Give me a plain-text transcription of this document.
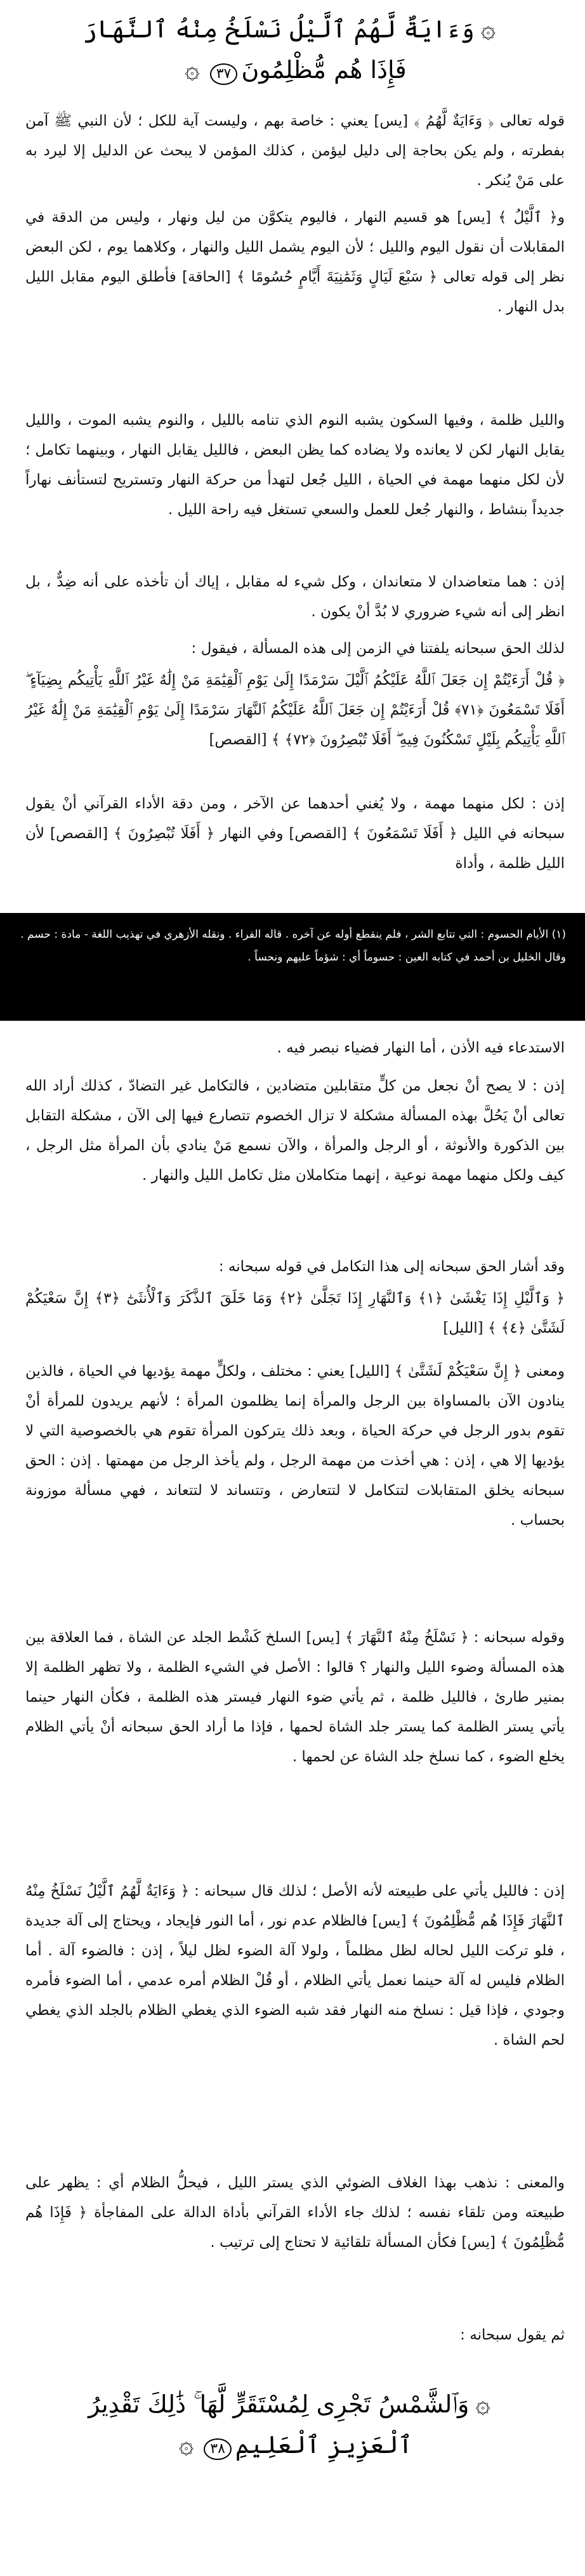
۞وَءَايَةٌ لَّهُمُ ٱلَّيْلُ نَسْلَخُ مِنْهُ ٱلنَّهَارَ
فَإِذَا هُم مُّظْلِمُونَ٣٧۞

قوله تعالى ﴿ وَءَايَةٌ لَّهُمُ ﴾ [يس] يعني : خاصة بهم ، وليست آية للكل ؛ لأن النبي ﷺ آمن بفطرته ، ولم يكن بحاجة إلى دليل ليؤمن ، كذلك المؤمن لا يبحث عن الدليل إلا ليرد به على مَنْ يُنكر .

و﴿ ٱلَّيْلُ ﴾ [يس] هو قسيم النهار ، فاليوم يتكوَّن من ليل ونهار ، وليس من الدقة في المقابلات أن نقول اليوم والليل ؛ لأن اليوم يشمل الليل والنهار ، وكلاهما يوم ، لكن البعض نظر إلى قوله تعالى ﴿ سَبْعَ لَيَالٍ وَثَمَٰنِيَةَ أَيَّامٍ حُسُومًا ﴾ [الحاقة] فأطلق اليوم مقابل الليل بدل النهار .

والليل ظلمة ، وفيها السكون يشبه النوم الذي تنامه بالليل ، والنوم يشبه الموت ، والليل يقابل النهار لكن لا يعانده ولا يضاده كما يظن البعض ، فالليل يقابل النهار ، وبينهما تكامل ؛ لأن لكل منهما مهمة في الحياة ، الليل جُعل لتهدأ من حركة النهار وتستريح لتستأنف نهاراً جديداً بنشاط ، والنهار جُعل للعمل والسعي تستغل فيه راحة الليل .

(١) الأيام الحسوم : التي تتابع الشر ، فلم ينقطع أوله عن آخره . قاله الفراء . ونقله الأزهري في تهذيب اللغة - مادة : حسم . وقال الخليل بن أحمد في كتابه العين : حسوماً أي : شؤماً عليهم ونحساً .

إذن : هما متعاضدان لا متعاندان ، وكل شيء له مقابل ، إياك أن تأخذه على أنه ضِدٌّ ، بل انظر إلى أنه شيء ضروري لا بُدَّ أنْ يكون .

لذلك الحق سبحانه يلفتنا في الزمن إلى هذه المسألة ، فيقول :

﴿ قُلْ أَرَءَيْتُمْ إِن جَعَلَ ٱللَّهُ عَلَيْكُمُ ٱلَّيْلَ سَرْمَدًا إِلَىٰ يَوْمِ ٱلْقِيَٰمَةِ مَنْ إِلَٰهٌ غَيْرُ ٱللَّهِ يَأْتِيكُم بِضِيَآءٍ ۖ أَفَلَا تَسْمَعُونَ ﴿٧١﴾ قُلْ أَرَءَيْتُمْ إِن جَعَلَ ٱللَّهُ عَلَيْكُمُ ٱلنَّهَارَ سَرْمَدًا إِلَىٰ يَوْمِ ٱلْقِيَٰمَةِ مَنْ إِلَٰهٌ غَيْرُ ٱللَّهِ يَأْتِيكُم بِلَيْلٍ تَسْكُنُونَ فِيهِ ۖ أَفَلَا تُبْصِرُونَ ﴿٧٢﴾ ﴾ [القصص]

إذن : لكل منهما مهمة ، ولا يُغني أحدهما عن الآخر ، ومن دقة الأداء القرآني أنْ يقول سبحانه في الليل ﴿ أَفَلَا تَسْمَعُونَ ﴾ [القصص] وفي النهار ﴿ أَفَلَا تُبْصِرُونَ ﴾ [القصص] لأن الليل ظلمة ، وأداة

الاستدعاء فيه الأذن ، أما النهار فضياء نبصر فيه .

إذن : لا يصح أنْ نجعل من كلٍّ متقابلين متضادين ، فالتكامل غير التضادّ ، كذلك أراد الله تعالى أنْ يَحُلَّ بهذه المسألة مشكلة لا تزال الخصوم تتصارع فيها إلى الآن ، مشكلة التقابل بين الذكورة والأنوثة ، أو الرجل والمرأة ، والآن نسمع مَنْ ينادي بأن المرأة مثل الرجل ، كيف ولكل منهما مهمة نوعية ، إنهما متكاملان مثل تكامل الليل والنهار .

وقد أشار الحق سبحانه إلى هذا التكامل في قوله سبحانه :

﴿ وَٱلَّيْلِ إِذَا يَغْشَىٰ ﴿١﴾ وَٱلنَّهَارِ إِذَا تَجَلَّىٰ ﴿٢﴾ وَمَا خَلَقَ ٱلذَّكَرَ وَٱلْأُنثَىٰٓ ﴿٣﴾ إِنَّ سَعْيَكُمْ لَشَتَّىٰ ﴿٤﴾ ﴾ [الليل]

ومعنى ﴿ إِنَّ سَعْيَكُمْ لَشَتَّىٰ ﴾ [الليل] يعني : مختلف ، ولكلٍّ مهمة يؤديها في الحياة ، فالذين ينادون الآن بالمساواة بين الرجل والمرأة إنما يظلمون المرأة ؛ لأنهم يريدون للمرأة أنْ تقوم بدور الرجل في حركة الحياة ، وبعد ذلك يتركون المرأة تقوم هي بالخصوصية التي لا يؤديها إلا هي ، إذن : هي أخذت من مهمة الرجل ، ولم يأخذ الرجل من مهمتها . إذن : الحق سبحانه يخلق المتقابلات لتتكامل لا لتتعارض ، وتتساند لا لتتعاند ، فهي مسألة موزونة بحساب .

وقوله سبحانه : ﴿ نَسْلَخُ مِنْهُ ٱلنَّهَارَ ﴾ [يس] السلخ كَشْط الجلد عن الشاة ، فما العلاقة بين هذه المسألة وضوء الليل والنهار ؟ قالوا : الأصل في الشيء الظلمة ، ولا تظهر الظلمة إلا بمنير طارئ ، فالليل ظلمة ، ثم يأتي ضوء النهار فيستر هذه الظلمة ، فكأن النهار حينما يأتي يستر الظلمة كما يستر جلد الشاة لحمها ، فإذا ما أراد الحق سبحانه أنْ يأتي الظلام يخلع الضوء ، كما نسلخ جلد الشاة عن لحمها .

إذن : فالليل يأتي على طبيعته لأنه الأصل ؛ لذلك قال سبحانه : ﴿ وَءَايَةٌ لَّهُمُ ٱلَّيْلُ نَسْلَخُ مِنْهُ ٱلنَّهَارَ فَإِذَا هُم مُّظْلِمُونَ ﴾ [يس] فالظلام عدم نور ، أما النور فإيجاد ، ويحتاج إلى آلة جديدة ، فلو تركت الليل لحاله لظل مظلماً ، ولولا آلة الضوء لظل ليلاً ، إذن : فالضوء آلة . أما الظلام فليس له آلة حينما نعمل يأتي الظلام ، أو قُلْ الظلام أمره عدمي ، أما الضوء فأمره وجودي ، فإذا قيل : نسلخ منه النهار فقد شبه الضوء الذي يغطي الظلام بالجلد الذي يغطي لحم الشاة .

والمعنى : نذهب بهذا الغلاف الضوئي الذي يستر الليل ، فيحلُّ الظلام أي : يظهر على طبيعته ومن تلقاء نفسه ؛ لذلك جاء الأداء القرآني بأداة الدالة على المفاجأة ﴿ فَإِذَا هُم مُّظْلِمُونَ ﴾ [يس] فكأن المسألة تلقائية لا تحتاج إلى ترتيب .

ثم يقول سبحانه :

۞وَٱلشَّمْسُ تَجْرِى لِمُسْتَقَرٍّ لَّهَا ۚ ذَٰلِكَ تَقْدِيرُ
ٱلْعَزِيزِ ٱلْعَلِيمِ٣٨۞
